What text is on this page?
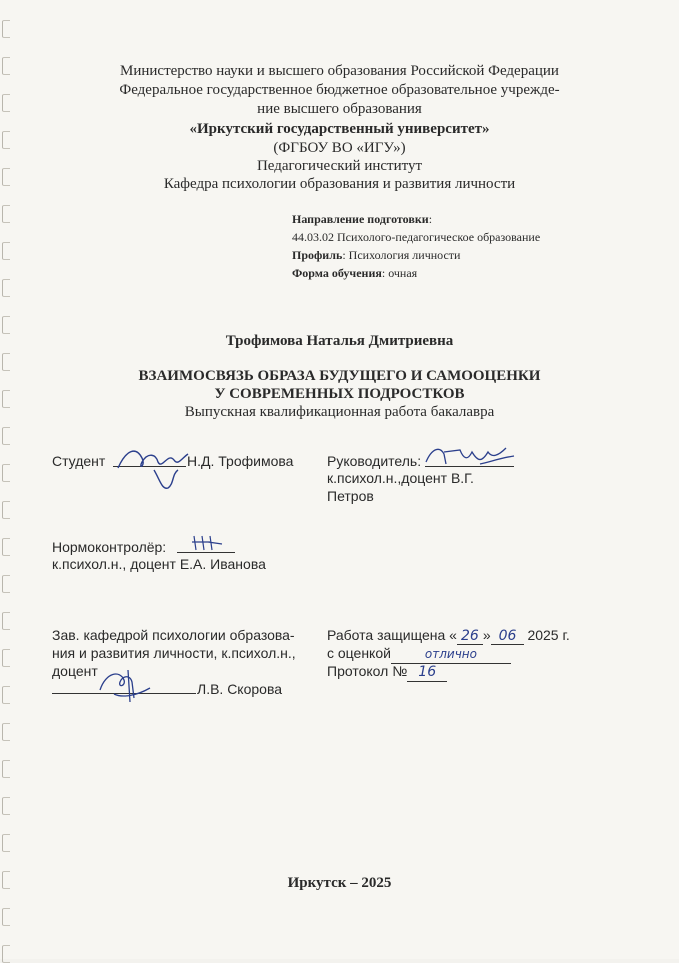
Министерство науки и высшего образования Российской Федерации
Федеральное государственное бюджетное образовательное учрежде-
ние высшего образования
«Иркутский государственный университет»
(ФГБОУ ВО «ИГУ»)
Педагогический институт
Кафедра психологии образования и развития личности
Направление подготовки:
44.03.02 Психолого-педагогическое образование
Профиль: Психология личности
Форма обучения: очная
Трофимова Наталья Дмитриевна
ВЗАИМОСВЯЗЬ ОБРАЗА БУДУЩЕГО И САМООЦЕНКИ
У СОВРЕМЕННЫХ ПОДРОСТКОВ
Выпускная квалификационная работа бакалавра
Студент	Н.Д. Трофимова Руководитель:
к.психол.н.,доцент В.Г.
Петров
Нормоконтролёр:
к.психол.н., доцент Е.А. Иванова
Зав. кафедрой психологии образова-
ния и развития личности, к.психол.н.,
доцент
Л.В. Скорова
Работа защищена « 26 » 06 2025 г.
с оценкой	отлично
Протокол № 16
Иркутск – 2025
